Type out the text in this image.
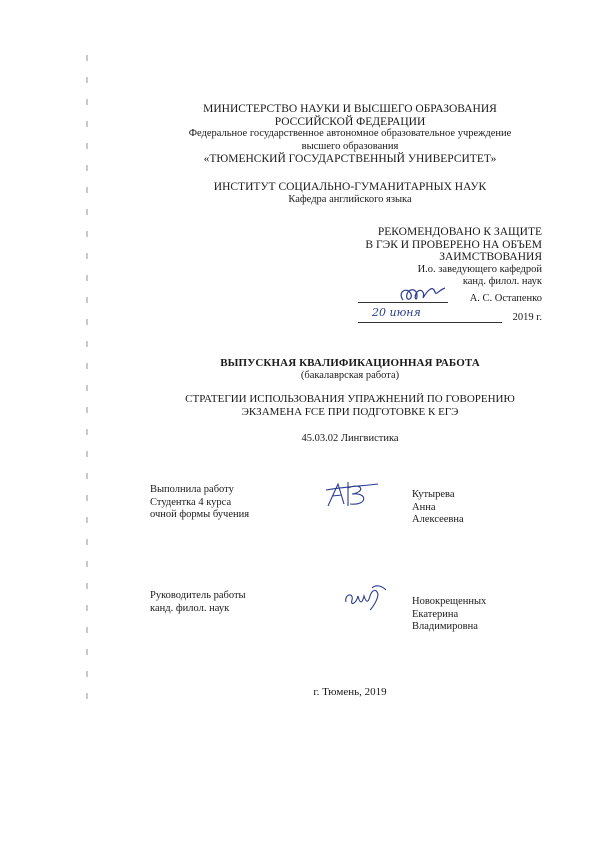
МИНИСТЕРСТВО НАУКИ И ВЫСШЕГО ОБРАЗОВАНИЯ
РОССИЙСКОЙ ФЕДЕРАЦИИ
Федеральное государственное автономное образовательное учреждение
высшего образования
«ТЮМЕНСКИЙ ГОСУДАРСТВЕННЫЙ УНИВЕРСИТЕТ»
ИНСТИТУТ СОЦИАЛЬНО-ГУМАНИТАРНЫХ НАУК
Кафедра английского языка
РЕКОМЕНДОВАНО К ЗАЩИТЕ
В ГЭК И ПРОВЕРЕНО НА ОБЪЕМ
ЗАИМСТВОВАНИЯ
И.о. заведующего кафедрой
канд. филол. наук
А. С. Остапенко
20 июня	2019 г.
ВЫПУСКНАЯ КВАЛИФИКАЦИОННАЯ РАБОТА
(бакалаврская работа)
СТРАТЕГИИ ИСПОЛЬЗОВАНИЯ УПРАЖНЕНИЙ ПО ГОВОРЕНИЮ
ЭКЗАМЕНА FCE ПРИ ПОДГОТОВКЕ К ЕГЭ
45.03.02 Лингвистика
Выполнила работу
Студентка 4 курса
очной формы бучения
Кутырева
Анна
Алексеевна
Руководитель работы
канд. филол. наук
Новокрещенных
Екатерина
Владимировна
г. Тюмень, 2019
